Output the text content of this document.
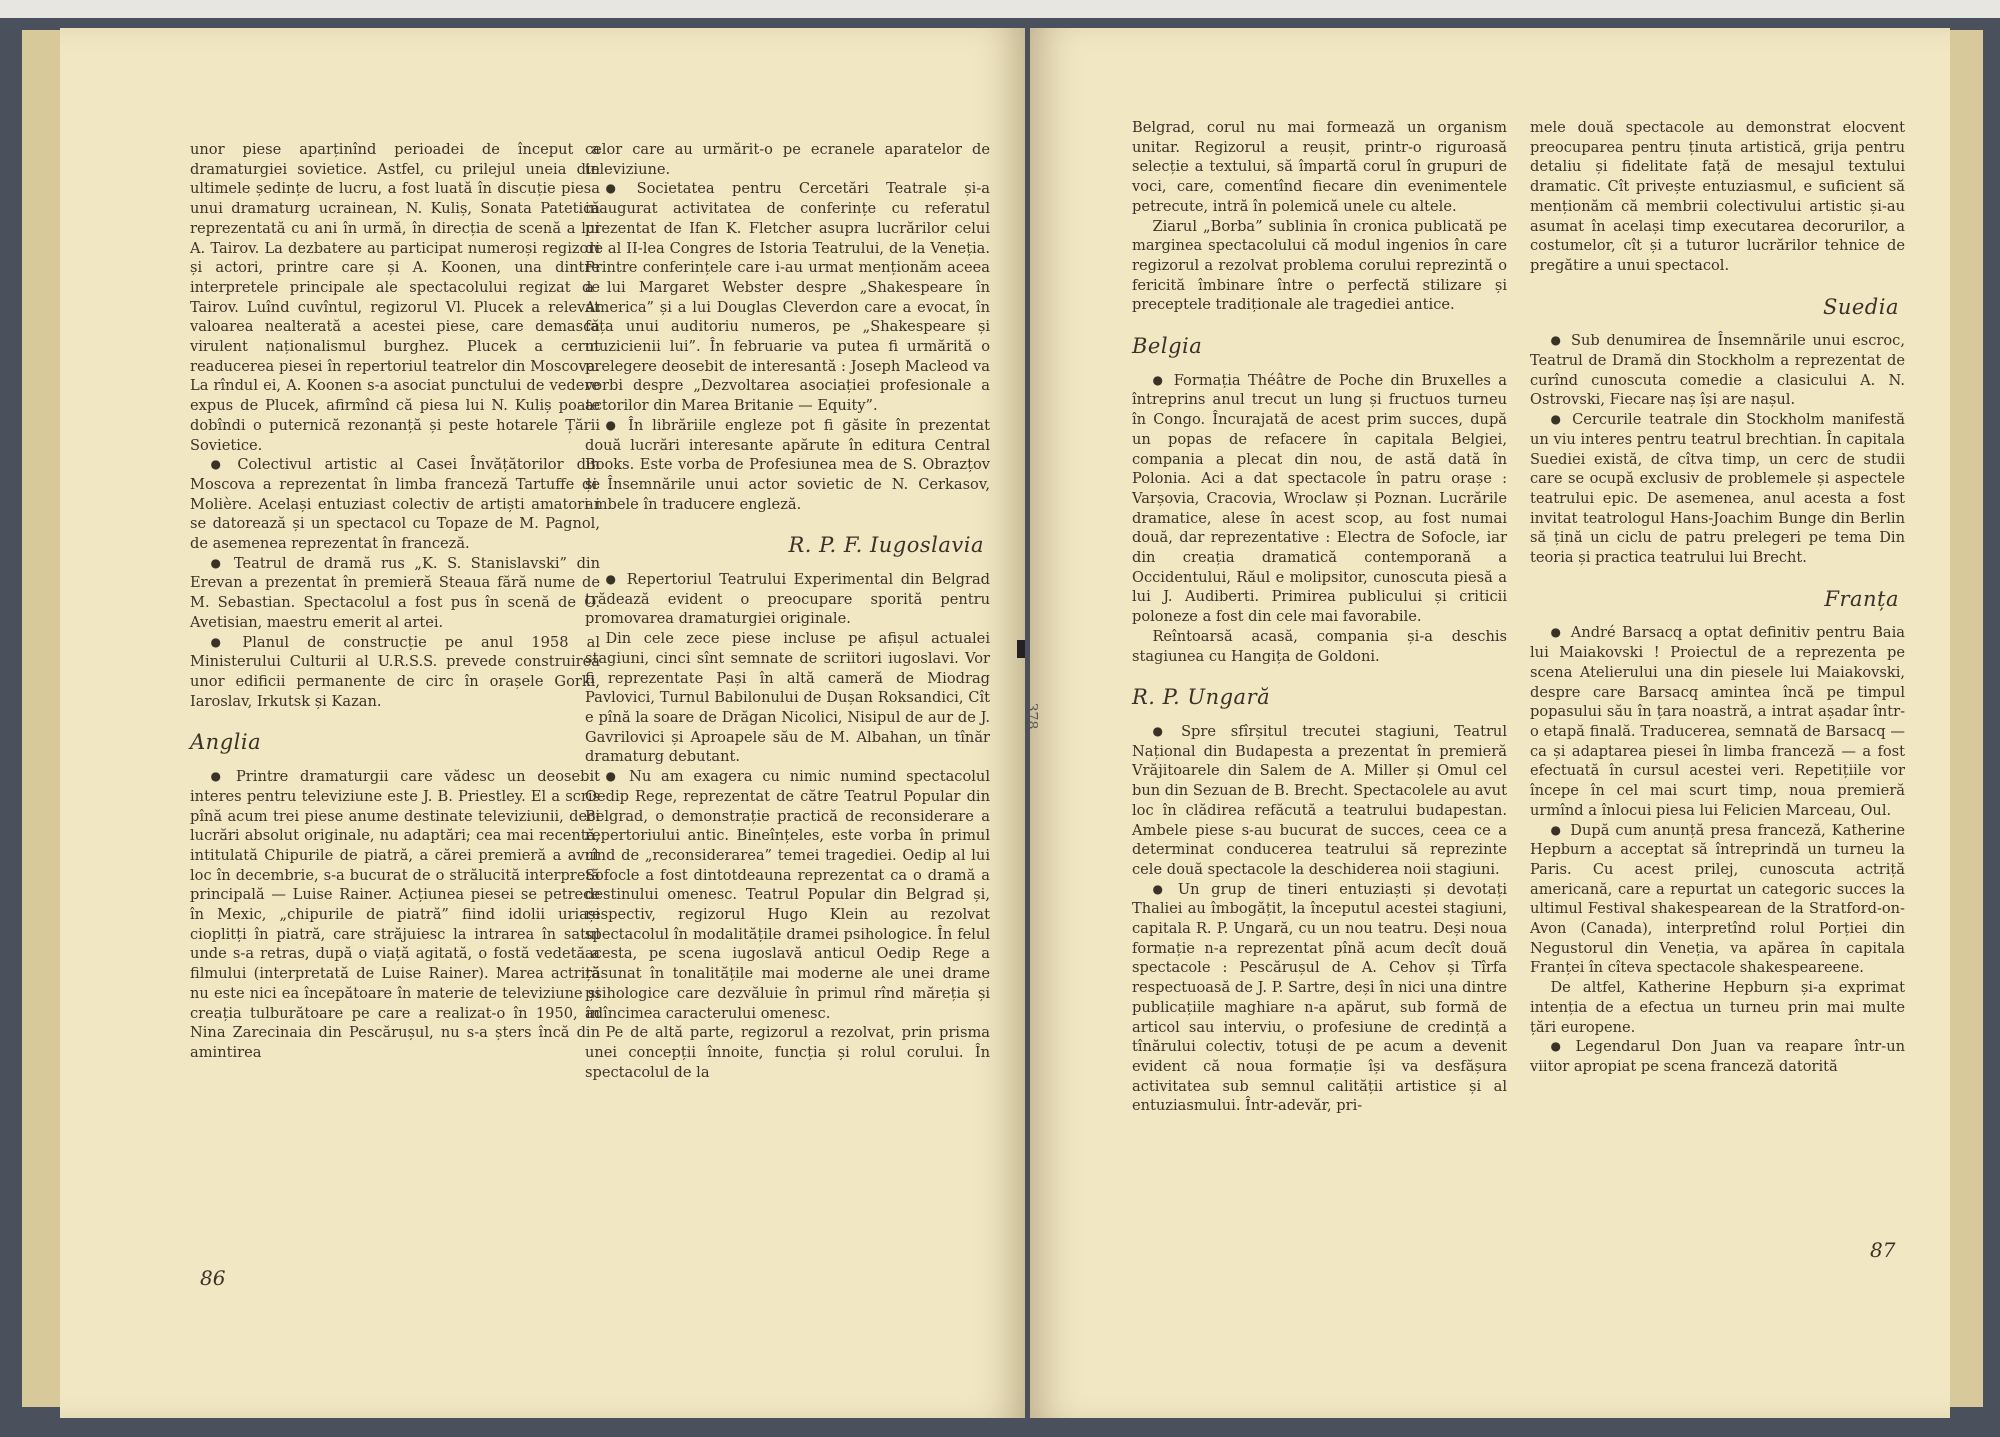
unor piese aparținînd perioadei de început a dramaturgiei sovietice. Astfel, cu prilejul uneia din ultimele ședințe de lucru, a fost luată în discuție piesa unui dramaturg ucrainean, N. Kuliș, Sonata Patetică reprezentată cu ani în urmă, în direcția de scenă a lui A. Tairov. La dezbatere au participat numeroși regizori și actori, printre care și A. Koonen, una dintre interpretele principale ale spectacolului regizat de Tairov. Luînd cuvîntul, regizorul Vl. Plucek a relevat valoarea nealterată a acestei piese, care demască virulent naționalismul burghez. Plucek a cerut readucerea piesei în repertoriul teatrelor din Moscova. La rîndul ei, A. Koonen s-a asociat punctului de vedere expus de Plucek, afirmînd că piesa lui N. Kuliș poate dobîndi o puternică rezonanță și peste hotarele Țării Sovietice.

● Colectivul artistic al Casei Învățătorilor din Moscova a reprezentat în limba franceză Tartuffe de Molière. Același entuziast colectiv de artiști amatori i se datorează și un spectacol cu Topaze de M. Pagnol, de asemenea reprezentat în franceză.

● Teatrul de dramă rus „K. S. Stanislavski” din Erevan a prezentat în premieră Steaua fără nume de M. Sebastian. Spectacolul a fost pus în scenă de O. Avetisian, maestru emerit al artei.

● Planul de construcție pe anul 1958 al Ministerului Culturii al U.R.S.S. prevede construirea unor edificii permanente de circ în orașele Gorki, Iaroslav, Irkutsk și Kazan.

Anglia

● Printre dramaturgii care vădesc un deosebit interes pentru televiziune este J. B. Priestley. El a scris pînă acum trei piese anume destinate televiziunii, deci lucrări absolut originale, nu adaptări; cea mai recentă, intitulată Chipurile de piatră, a cărei premieră a avut loc în decembrie, s-a bucurat de o strălucită interpretă principală — Luise Rainer. Acțiunea piesei se petrece în Mexic, „chipurile de piatră” fiind idolii uriași cioplitți în piatră, care străjuiesc la intrarea în satul unde s-a retras, după o viață agitată, o fostă vedetă a filmului (interpretată de Luise Rainer). Marea actriță nu este nici ea începătoare în materie de televiziune și creația tulburătoare pe care a realizat-o în 1950, în Nina Zarecinaia din Pescărușul, nu s-a șters încă din amintirea

celor care au urmărit-o pe ecranele aparatelor de televiziune.

● Societatea pentru Cercetări Teatrale și-a inaugurat activitatea de conferințe cu referatul prezentat de Ifan K. Fletcher asupra lucrărilor celui de al II-lea Congres de Istoria Teatrului, de la Veneția. Printre conferințele care i-au urmat menționăm aceea a lui Margaret Webster despre „Shakespeare în America” și a lui Douglas Cleverdon care a evocat, în fața unui auditoriu numeros, pe „Shakespeare și muzicienii lui”. În februarie va putea fi urmărită o prelegere deosebit de interesantă : Joseph Macleod va vorbi despre „Dezvoltarea asociației profesionale a actorilor din Marea Britanie — Equity”.

● În librăriile engleze pot fi găsite în prezentat două lucrări interesante apărute în editura Central Books. Este vorba de Profesiunea mea de S. Obrazțov și Însemnările unui actor sovietic de N. Cerkasov, ambele în traducere engleză.

R. P. F. Iugoslavia

● Repertoriul Teatrului Experimental din Belgrad trădează evident o preocupare sporită pentru promovarea dramaturgiei originale.

Din cele zece piese incluse pe afișul actualei stagiuni, cinci sînt semnate de scriitori iugoslavi. Vor fi reprezentate Pași în altă cameră de Miodrag Pavlovici, Turnul Babilonului de Dușan Roksandici, Cît e pînă la soare de Drăgan Nicolici, Nisipul de aur de J. Gavrilovici și Aproapele său de M. Albahan, un tînăr dramaturg debutant.

● Nu am exagera cu nimic numind spectacolul Oedip Rege, reprezentat de către Teatrul Popular din Belgrad, o demonstrație practică de reconsiderare a repertoriului antic. Bineînțeles, este vorba în primul rînd de „reconsiderarea” temei tragediei. Oedip al lui Sofocle a fost dintotdeauna reprezentat ca o dramă a destinului omenesc. Teatrul Popular din Belgrad și, respectiv, regizorul Hugo Klein au rezolvat spectacolul în modalitățile dramei psihologice. În felul acesta, pe scena iugoslavă anticul Oedip Rege a răsunat în tonalitățile mai moderne ale unei drame psihologice care dezvăluie în primul rînd măreția și adîncimea caracterului omenesc.

Pe de altă parte, regizorul a rezolvat, prin prisma unei concepții înnoite, funcția și rolul corului. În spectacolul de la

86

Belgrad, corul nu mai formează un organism unitar. Regizorul a reușit, printr-o riguroasă selecție a textului, să împartă corul în grupuri de voci, care, comentînd fiecare din evenimentele petrecute, intră în polemică unele cu altele.

Ziarul „Borba” sublinia în cronica publicată pe marginea spectacolului că modul ingenios în care regizorul a rezolvat problema corului reprezintă o fericită îmbinare între o perfectă stilizare și preceptele tradiționale ale tragediei antice.

Belgia

● Formația Théâtre de Poche din Bruxelles a întreprins anul trecut un lung și fructuos turneu în Congo. Încurajată de acest prim succes, după un popas de refacere în capitala Belgiei, compania a plecat din nou, de astă dată în Polonia. Aci a dat spectacole în patru orașe : Varșovia, Cracovia, Wroclaw și Poznan. Lucrările dramatice, alese în acest scop, au fost numai două, dar reprezentative : Electra de Sofocle, iar din creația dramatică contemporană a Occidentului, Răul e molipsitor, cunoscuta piesă a lui J. Audiberti. Primirea publicului și criticii poloneze a fost din cele mai favorabile.

Reîntoarsă acasă, compania și-a deschis stagiunea cu Hangița de Goldoni.

R. P. Ungară

● Spre sfîrșitul trecutei stagiuni, Teatrul Național din Budapesta a prezentat în premieră Vrăjitoarele din Salem de A. Miller și Omul cel bun din Sezuan de B. Brecht. Spectacolele au avut loc în clădirea refăcută a teatrului budapestan. Ambele piese s-au bucurat de succes, ceea ce a determinat conducerea teatrului să reprezinte cele două spectacole la deschiderea noii stagiuni.

● Un grup de tineri entuziaști și devotați Thaliei au îmbogățit, la începutul acestei stagiuni, capitala R. P. Ungară, cu un nou teatru. Deși noua formație n-a reprezentat pînă acum decît două spectacole : Pescărușul de A. Cehov și Tîrfa respectuoasă de J. P. Sartre, deși în nici una dintre publicațiile maghiare n-a apărut, sub formă de articol sau interviu, o profesiune de credință a tînărului colectiv, totuși de pe acum a devenit evident că noua formație își va desfășura activitatea sub semnul calității artistice și al entuziasmului. Într-adevăr, pri-

mele două spectacole au demonstrat elocvent preocuparea pentru ținuta artistică, grija pentru detaliu și fidelitate față de mesajul textului dramatic. Cît privește entuziasmul, e suficient să menționăm că membrii colectivului artistic și-au asumat în același timp executarea decorurilor, a costumelor, cît și a tuturor lucrărilor tehnice de pregătire a unui spectacol.

Suedia

● Sub denumirea de Însemnările unui escroc, Teatrul de Dramă din Stockholm a reprezentat de curînd cunoscuta comedie a clasicului A. N. Ostrovski, Fiecare naș își are nașul.

● Cercurile teatrale din Stockholm manifestă un viu interes pentru teatrul brechtian. În capitala Suediei există, de cîtva timp, un cerc de studii care se ocupă exclusiv de problemele și aspectele teatrului epic. De asemenea, anul acesta a fost invitat teatrologul Hans-Joachim Bunge din Berlin să țină un ciclu de patru prelegeri pe tema Din teoria și practica teatrului lui Brecht.

Franța

● André Barsacq a optat definitiv pentru Baia lui Maiakovski ! Proiectul de a reprezenta pe scena Atelierului una din piesele lui Maiakovski, despre care Barsacq amintea încă pe timpul popasului său în țara noastră, a intrat așadar într-o etapă finală. Traducerea, semnată de Barsacq — ca și adaptarea piesei în limba franceză — a fost efectuată în cursul acestei veri. Repetițiile vor începe în cel mai scurt timp, noua premieră urmînd a înlocui piesa lui Felicien Marceau, Oul.

● După cum anunță presa franceză, Katherine Hepburn a acceptat să întreprindă un turneu la Paris. Cu acest prilej, cunoscuta actriță americană, care a repurtat un categoric succes la ultimul Festival shakespearean de la Stratford-on-Avon (Canada), interpretînd rolul Porției din Negustorul din Veneția, va apărea în capitala Franței în cîteva spectacole shakespeareene.

De altfel, Katherine Hepburn și-a exprimat intenția de a efectua un turneu prin mai multe țări europene.

● Legendarul Don Juan va reapare într-un viitor apropiat pe scena franceză datorită

87
378
